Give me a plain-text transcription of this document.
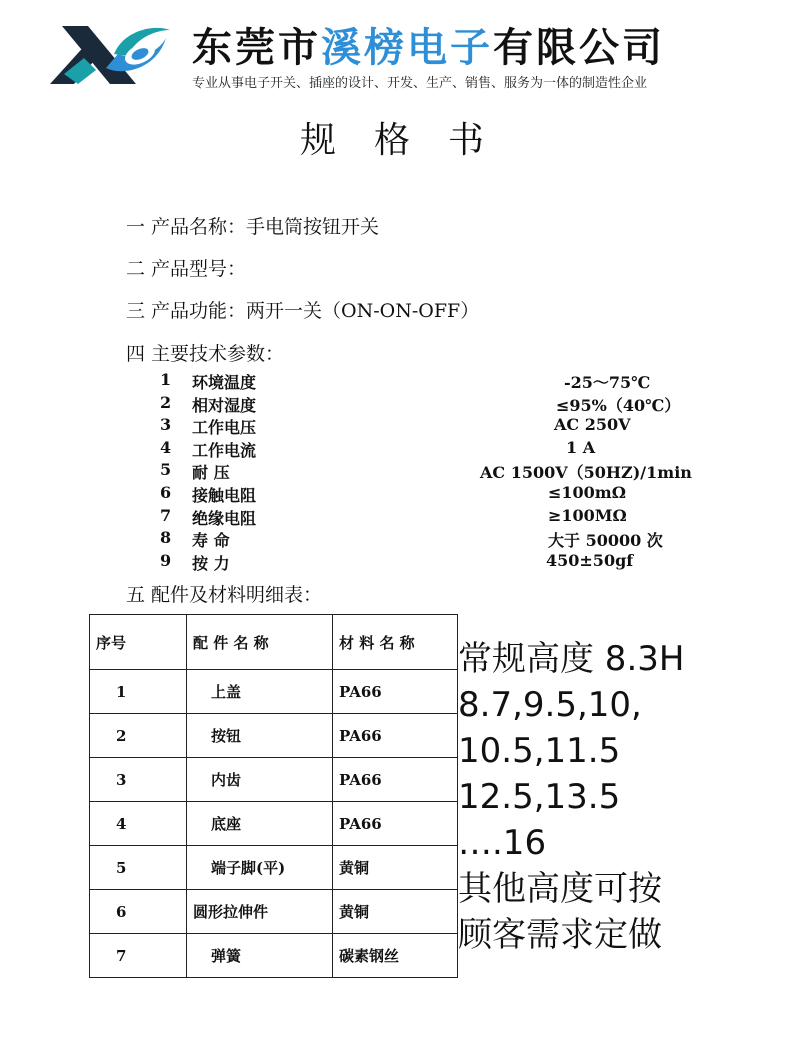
东莞市溪榜电子有限公司
专业从事电子开关、插座的设计、开发、生产、销售、服务为一体的制造性企业
规格书
一 产品名称：手电筒按钮开关
二 产品型号：
三 产品功能：两开一关（ON-ON-OFF）
四 主要技术参数：
1 环境温度	-25～75℃
2 相对湿度	≤95%（40℃）
3 工作电压	AC 250V
4 工作电流	1 A
5 耐 压	AC 1500V（50HZ)/1min
6 接触电阻	≤100mΩ
7 绝缘电阻	≥100MΩ
8 寿 命	大于 50000 次
9 按 力	450±50gf
五 配件及材料明细表：
序号	配 件 名 称	材 料 名 称
1	上盖	PA66
2	按钮	PA66
3	内齿	PA66
4	底座	PA66
5	端子脚(平)	黄铜
6	圆形拉伸件	黄铜
7	弹簧	碳素钢丝
常规高度 8.3H
8.7,9.5,10,
10.5,11.5
12.5,13.5
….16
其他高度可按
顾客需求定做
